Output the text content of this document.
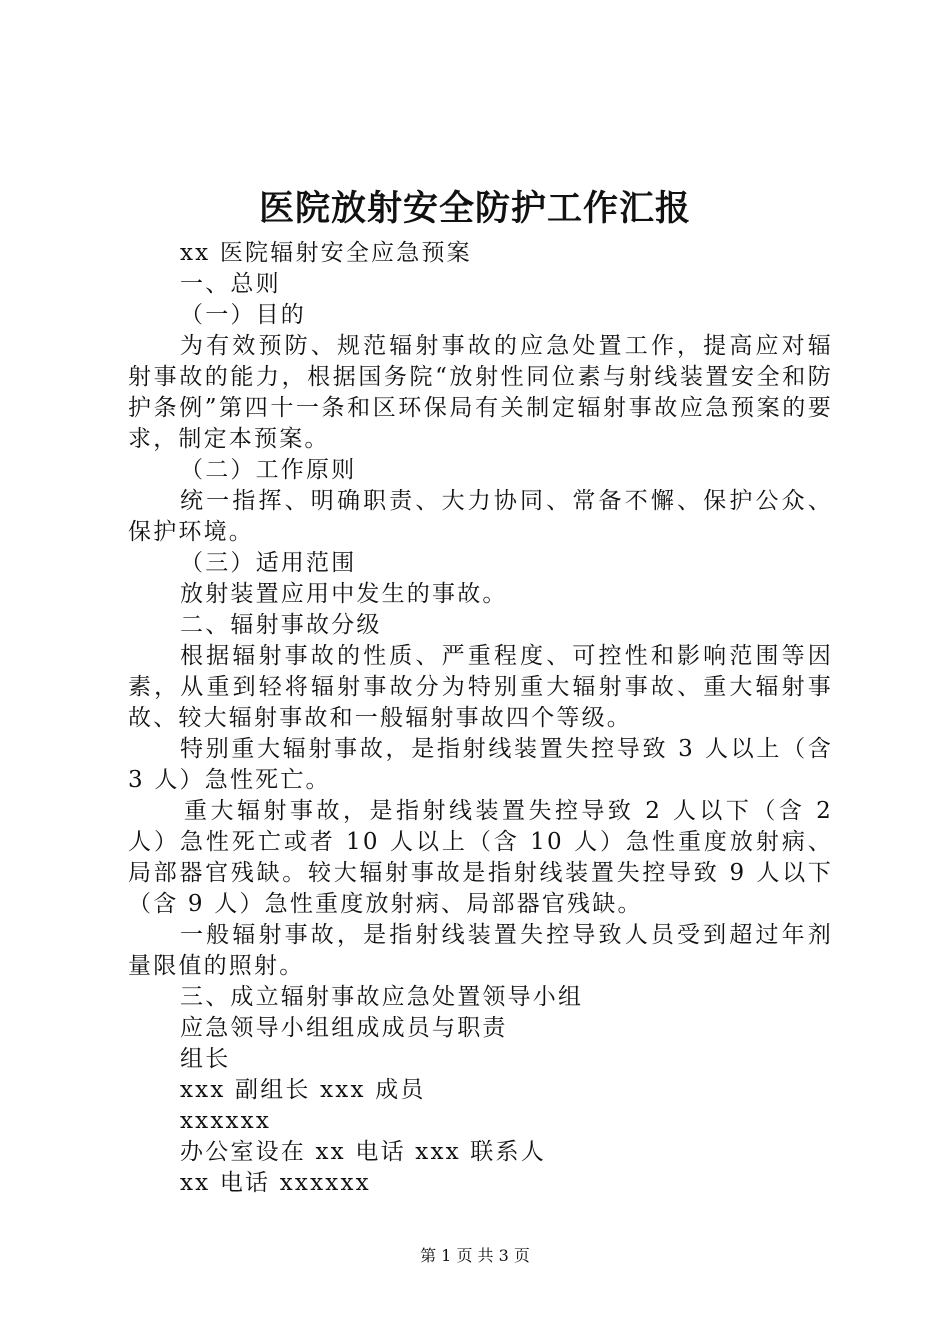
医院放射安全防护工作汇报

xx 医院辐射安全应急预案

一、总则

（一）目的

为有效预防、规范辐射事故的应急处置工作，提高应对辐射事故的能力，根据国务院“放射性同位素与射线装置安全和防护条例”第四十一条和区环保局有关制定辐射事故应急预案的要求，制定本预案。

（二）工作原则

统一指挥、明确职责、大力协同、常备不懈、保护公众、保护环境。

（三）适用范围

放射装置应用中发生的事故。

二、辐射事故分级

根据辐射事故的性质、严重程度、可控性和影响范围等因素，从重到轻将辐射事故分为特别重大辐射事故、重大辐射事故、较大辐射事故和一般辐射事故四个等级。

特别重大辐射事故，是指射线装置失控导致 3 人以上（含 3 人）急性死亡。

重大辐射事故，是指射线装置失控导致 2 人以下（含 2 人）急性死亡或者 10 人以上（含 10 人）急性重度放射病、局部器官残缺。较大辐射事故是指射线装置失控导致 9 人以下（含 9 人）急性重度放射病、局部器官残缺。

一般辐射事故，是指射线装置失控导致人员受到超过年剂量限值的照射。

三、成立辐射事故应急处置领导小组

应急领导小组组成成员与职责

组长

xxx 副组长 xxx 成员

xxxxxx

办公室设在 xx 电话 xxx 联系人

xx 电话 xxxxxx

第 1 页 共 3 页
